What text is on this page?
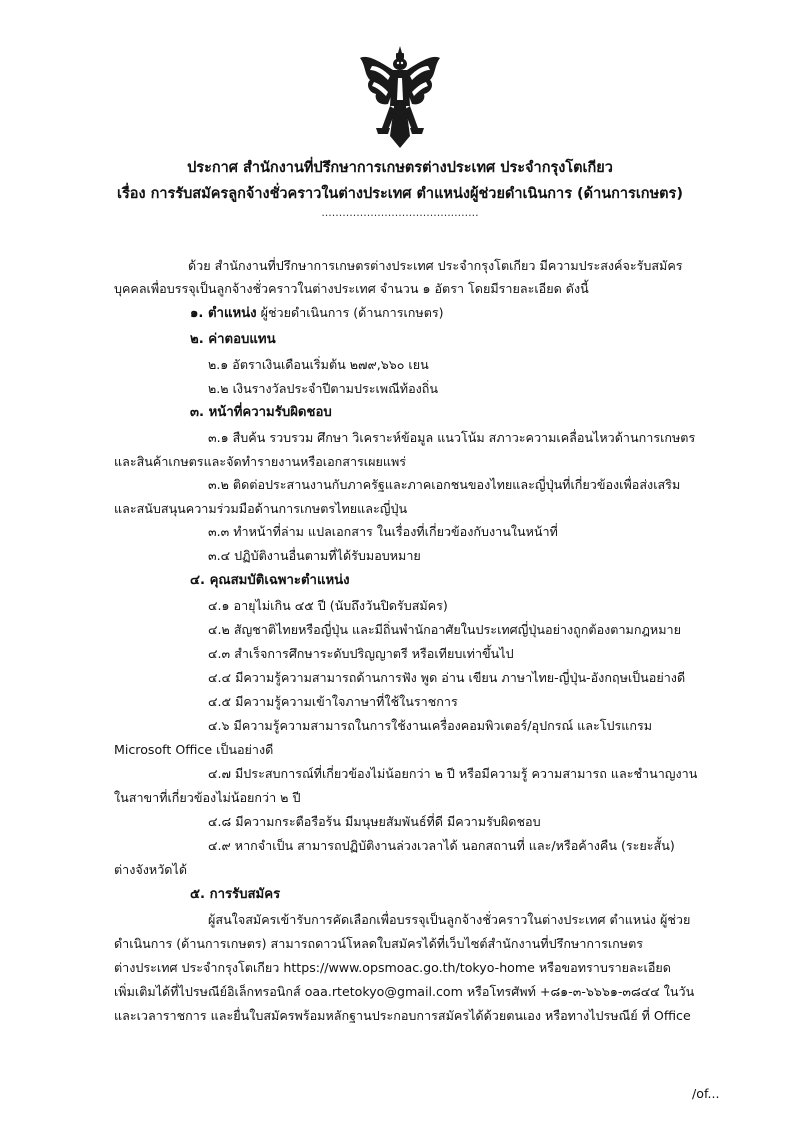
ประกาศ สำนักงานที่ปรึกษาการเกษตรต่างประเทศ ประจำกรุงโตเกียว
เรื่อง การรับสมัครลูกจ้างชั่วคราวในต่างประเทศ ตำแหน่งผู้ช่วยดำเนินการ (ด้านการเกษตร)
.............................................
ด้วย สำนักงานที่ปรึกษาการเกษตรต่างประเทศ ประจำกรุงโตเกียว มีความประสงค์จะรับสมัคร
บุคคลเพื่อบรรจุเป็นลูกจ้างชั่วคราวในต่างประเทศ จำนวน ๑ อัตรา โดยมีรายละเอียด ดังนี้
๑. ตำแหน่ง ผู้ช่วยดำเนินการ (ด้านการเกษตร)
๒. ค่าตอบแทน
๒.๑ อัตราเงินเดือนเริ่มต้น ๒๗๙,๖๖๐ เยน
๒.๒ เงินรางวัลประจำปีตามประเพณีท้องถิ่น
๓. หน้าที่ความรับผิดชอบ
๓.๑ สืบค้น รวบรวม ศึกษา วิเคราะห์ข้อมูล แนวโน้ม สภาวะความเคลื่อนไหวด้านการเกษตร
และสินค้าเกษตรและจัดทำรายงานหรือเอกสารเผยแพร่
๓.๒ ติดต่อประสานงานกับภาครัฐและภาคเอกชนของไทยและญี่ปุ่นที่เกี่ยวข้องเพื่อส่งเสริม
และสนับสนุนความร่วมมือด้านการเกษตรไทยและญี่ปุ่น
๓.๓ ทำหน้าที่ล่าม แปลเอกสาร ในเรื่องที่เกี่ยวข้องกับงานในหน้าที่
๓.๔ ปฏิบัติงานอื่นตามที่ได้รับมอบหมาย
๔. คุณสมบัติเฉพาะตำแหน่ง
๔.๑ อายุไม่เกิน ๔๕ ปี (นับถึงวันปิดรับสมัคร)
๔.๒ สัญชาติไทยหรือญี่ปุ่น และมีถิ่นพำนักอาศัยในประเทศญี่ปุ่นอย่างถูกต้องตามกฎหมาย
๔.๓ สำเร็จการศึกษาระดับปริญญาตรี หรือเทียบเท่าขึ้นไป
๔.๔ มีความรู้ความสามารถด้านการฟัง พูด อ่าน เขียน ภาษาไทย-ญี่ปุ่น-อังกฤษเป็นอย่างดี
๔.๕ มีความรู้ความเข้าใจภาษาที่ใช้ในราชการ
๔.๖ มีความรู้ความสามารถในการใช้งานเครื่องคอมพิวเตอร์/อุปกรณ์ และโปรแกรม
Microsoft Office เป็นอย่างดี
๔.๗ มีประสบการณ์ที่เกี่ยวข้องไม่น้อยกว่า ๒ ปี หรือมีความรู้ ความสามารถ และชำนาญงาน
ในสาขาที่เกี่ยวข้องไม่น้อยกว่า ๒ ปี
๔.๘ มีความกระตือรือร้น มีมนุษยสัมพันธ์ที่ดี มีความรับผิดชอบ
๔.๙ หากจำเป็น สามารถปฏิบัติงานล่วงเวลาได้ นอกสถานที่ และ/หรือค้างคืน (ระยะสั้น)
ต่างจังหวัดได้
๕. การรับสมัคร
ผู้สนใจสมัครเข้ารับการคัดเลือกเพื่อบรรจุเป็นลูกจ้างชั่วคราวในต่างประเทศ ตำแหน่ง ผู้ช่วย
ดำเนินการ (ด้านการเกษตร) สามารถดาวน์โหลดใบสมัครได้ที่เว็บไซต์สำนักงานที่ปรึกษาการเกษตร
ต่างประเทศ ประจำกรุงโตเกียว https://www.opsmoac.go.th/tokyo-home หรือขอทราบรายละเอียด
เพิ่มเติมได้ที่ไปรษณีย์อิเล็กทรอนิกส์ oaa.rtetokyo@gmail.com หรือโทรศัพท์ +๘๑-๓-๖๖๖๑-๓๘๔๔ ในวัน
และเวลาราชการ และยื่นใบสมัครพร้อมหลักฐานประกอบการสมัครได้ด้วยตนเอง หรือทางไปรษณีย์ ที่ Office
/of...
